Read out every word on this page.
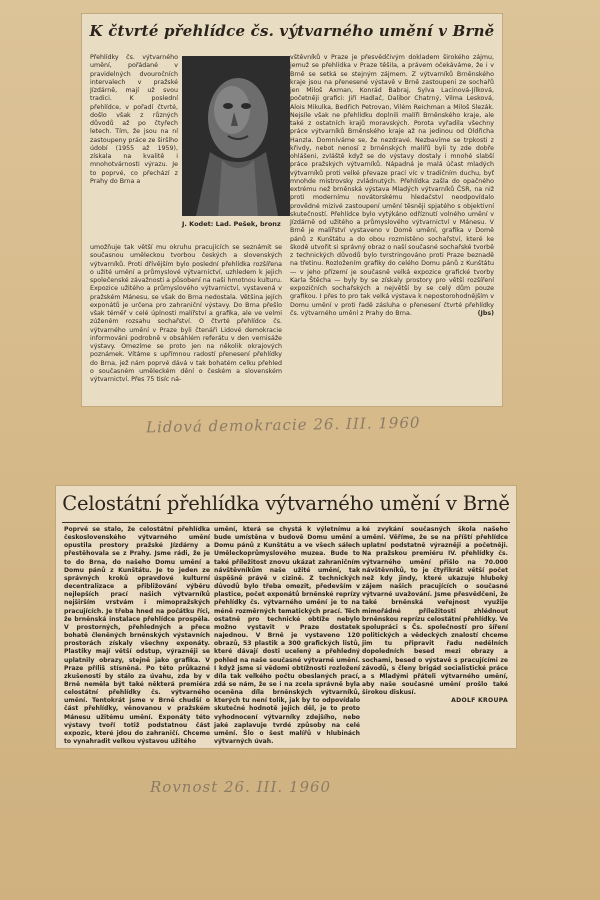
K čtvrté přehlídce čs. výtvarného umění v Brně
Přehlídky čs. výtvarného umění, pořádané v pravidelných dvouročních intervalech v pražské Jízdárně, mají už svou tradici. K poslední přehlídce, v pořadí čtvrté, došlo však z různých důvodů až po čtyřech letech. Tím, že jsou na ní zastoupeny práce ze širšího údobí (1955 až 1959), získala na kvalitě i mnohotvárnosti výrazu. Je to poprvé, co přechází z Prahy do Brna a
J. Kodet: Lad. Pešek, bronz
umožňuje tak větší mu okruhu pracujících se seznámit se současnou uměleckou tvorbou českých a slovenských výtvarníků. Proti dřívějším bylo poslední přehlídka rozšířena o užité umění a průmyslové výtvarnictví, uzhledem k jejich společenské závažnosti a působení na naši hmotnou kulturu. Expozice užitého a průmyslového výtvarnictví, vystavená v pražském Mánesu, se však do Brna nedostala. Většina jejích exponátů je určena pro zahraniční výstavy. Do Brna přešlo však téměř v celé úplnosti malířství a grafika, ale ve velmi zúženém rozsahu sochařství. O čtvrté přehlídce čs. výtvarného umění v Praze byli čtenáři Lidové demokracie informováni podrobně v obsáhlém referátu v den vernisáže výstavy. Omezíme se proto jen na několik okrajových poznámek. Vítáme s upřímnou radostí přenesení přehlídky do Brna, jež nám poprvé dává v tak bohatém celku přehled o současném uměleckém dění o českém a slovenském výtvarnictví. Přes 75 tisíc ná-
vštěvníků v Praze je přesvědčivým dokladem širokého zájmu, jemuž se přehlídka v Praze těšila, a právem očekáváme, že i v Brně se setká se stejným zájmem. Z výtvarníků Brněnského kraje jsou na přenesené výstavě v Brně zastoupeni ze sochařů jen Miloš Axman, Konrád Babraj, Sylva Lacinová-Jílková, početněji grafici: Jiří Hadlač, Dalibor Chatrný, Vilma Lesková, Alois Mikulka, Bedřich Petrovan, Vilém Reichman a Miloš Slezák. Nejsíle však ne přehlídku doplnili malíři Brněnského kraje, ale také z ostatních krajů moravských. Porota vyřadila všechny práce výtvarníků Brněnského kraje až na jedinou od Oldřicha Hanzla. Domníváme se, že nezdravé. Nezbavíme se trpkosti z křivdy, nebot nenosí z brněnských malířů byli ty zde dobře ohlášeni, zvláště když se do výstavy dostaly i mnohé slabší práce pražských výtvarníků. Nápadná je malá účast mladých výtvarníků proti velké převaze prací víc v tradičním duchu, byť mnohde mistrovsky zvládnutých. Přehlídka zašla do opačného extrému než brněnská výstava Mladých výtvarníků ČSR, na niž proti modernímu novátorskému hledačství neodpovídalo provědné mizivé zastoupení umění těsněji spjatého s objektivní skutečností. Přehlídce bylo vytýkáno odříznutí volného umění v Jízdárně od užitého a průmyslového výtvarnictví v Mánesu. V Brně je malířství vystaveno v Domě umění, grafika v Domě pánů z Kunštátu a do obou rozmístěno sochařství, které ke škodě utvořit si správný obraz o naší současné sochařské tvorbě z technických důvodů bylo tvrstringováno proti Praze beznadě na třetinu. Rozložením grafiky do celého Domu pánů z Kunštátu — v jeho přízemí je současně velká expozice grafické tvorby Karla Štěcha — byly by se získaly prostory pro větší rozšíření expozičních sochařských a největší by se celý dům pouze grafikou. I přes to pro tak velká výstava k nepostorohodnějším v Domu umění v proti řadě zásluha o přenesení čtvrté přehlídky čs. výtvarného umění z Prahy do Brna.	(Jbs)
Lidová demokracie 26. III. 1960
Celostátní přehlídka výtvarného umění v Brně
Poprvé se stalo, že celostátní přehlídka československého výtvarného umění opustila prostory pražské Jízdárny a přestěhovala se z Prahy. Jsme rádi, že je to do Brna, do našeho Domu umění a Domu pánů z Kunštátu. Je to jeden ze správných kroků opravdové kulturní decentralizace a přibližování výběru nejlepších prací našich výtvarníků nejširším vrstvám i mimopražských pracujících. Je třeba hned na počátku říci, že brněnská instalace přehlídce prospěla. V prostorných, přehledných a přece bohatě členěných brněnských výstavních prostorách získaly všechny exponáty. Plastiky mají větší odstup, výrazněji se uplatnily obrazy, stejně jako grafika. V Praze příliš stísněná. Po této průkazné zkušenosti by stálo za úvahu, zda by v Brně neměla být také některá premiéra celostátní přehlídky čs. výtvarného umění. Tentokrát jsme v Brně chudší o část přehlídky, věnovanou v pražském Mánesu užitému umění. Exponáty této výstavy tvoří totiž podstatnou část expozic, které jdou do zahraničí. Chceme to vynahradit velkou výstavou užitého
umění, která se chystá k výletnímu a bude umístěna v budově Domu umění a Domu pánů z Kunštátu a ve všech sálech Uměleckoprůmyslového muzea. Bude to také příležitost znovu ukázat zahraničním návštěvníkům naše užité umění, tak úspěšně právě v cizině. Z technických důvodů bylo třeba omezit, především v plastice, počet exponátů brněnské reprízy přehlídky čs. výtvarného umění je to na méně rozměrných tematických prací. Těch ostatně pro technické obtíže nebylo možno vystavit v Praze dostatek najednou. V Brně je vystaveno 120 obrazů, 53 plastik a 300 grafických listů, které dávají dosti ucelený a přehledný pohled na naše současné výtvarné umění. I když jsme si vědomi obtížnosti rozložení díla tak velkého počtu obeslaných prací, zdá se nám, že se i na zcela správně byla oceněna díla brněnských výtvarníků, kterých tu není tolik, jak by to odpovídalo skutečné hodnotě jejich děl, je to proto vyhodnocení výtvarníky zdejšího, nebo jaké zaplavuje tvrdé způsoby na celé umění. Šlo o šest malířů v hlubinách výtvarných úvah.
ké zvykání současných škola našeho umění. Věříme, že se na příští přehlídce uplatní podstatně výrazněji a početněji. Na pražskou premiéru IV. přehlídky čs. výtvarného umění přišlo na 70.000 návštěvníků, to je čtyřikrát větší počet než kdy jindy, které ukazuje hluboký zájem našich pracujících o současné výtvarné uvažování. Jsme přesvědčeni, že také brněnská veřejnost využije mimořádné příležitosti zhlédnout brněnskou reprízu celostátní přehlídky. Ve spolupráci s Čs. společností pro šíření politických a vědeckých znalostí chceme jim tu připravit řadu nedělních dopoledních besed mezi obrazy a sochami, besed o výstavě s pracujícími ze závodů, s členy brigád socialistické práce a s Mladými přáteli výtvarného umění, aby naše současné umění prošlo také širokou diskusí.
ADOLF KROUPA
Rovnost 26. III. 1960
